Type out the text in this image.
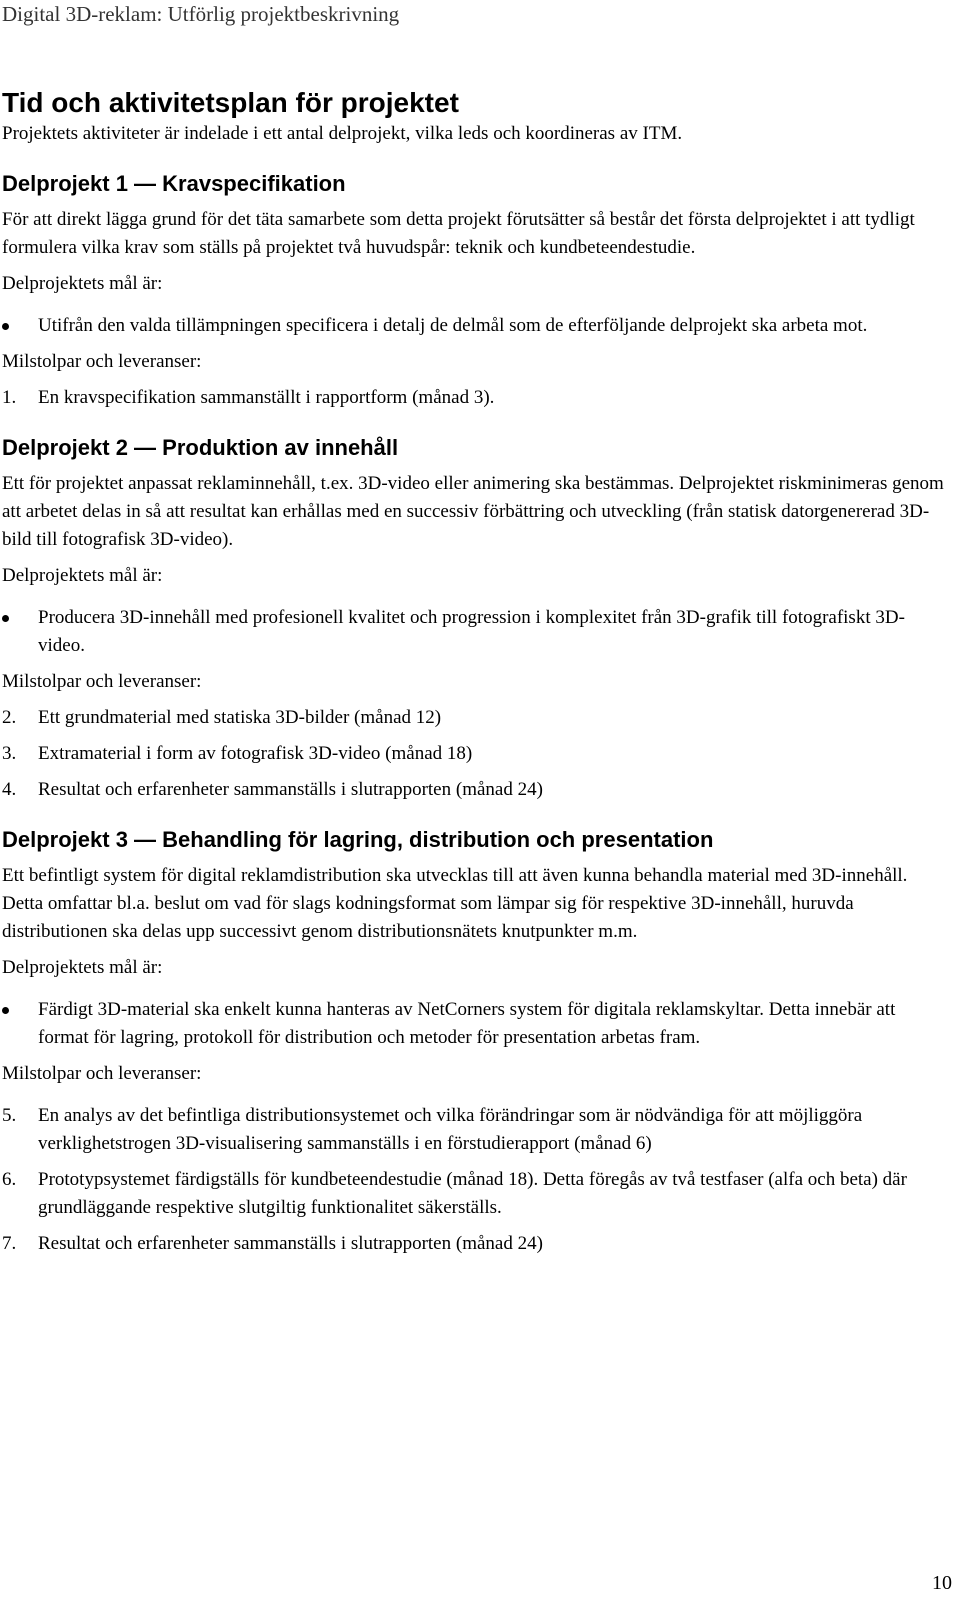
Digital 3D-reklam: Utförlig projektbeskrivning
Tid och aktivitetsplan för projektet

Projektets aktiviteter är indelade i ett antal delprojekt, vilka leds och koordineras av ITM.

Delprojekt 1 — Kravspecifikation

För att direkt lägga grund för det täta samarbete som detta projekt förutsätter så består det första delprojektet i att tydligt formulera vilka krav som ställs på projektet två huvudspår: teknik och kundbeteendestudie.

Delprojektets mål är:

Utifrån den valda tillämpningen specificera i detalj de delmål som de efterföljande delprojekt ska arbeta mot.

Milstolpar och leveranser:

1. En kravspecifikation sammanställt i rapportform (månad 3).
Delprojekt 2 — Produktion av innehåll

Ett för projektet anpassat reklaminnehåll, t.ex. 3D-video eller animering ska bestämmas. Delprojektet riskminimeras genom att arbetet delas in så att resultat kan erhållas med en successiv förbättring och utveckling (från statisk datorgenererad 3D-bild till fotografisk 3D-video).

Delprojektets mål är:

Producera 3D-innehåll med profesionell kvalitet och progression i komplexitet från 3D-grafik till fotografiskt 3D-video.

Milstolpar och leveranser:

2. Ett grundmaterial med statiska 3D-bilder (månad 12)
3. Extramaterial i form av fotografisk 3D-video (månad 18)
4. Resultat och erfarenheter sammanställs i slutrapporten (månad 24)
Delprojekt 3 — Behandling för lagring, distribution och presentation

Ett befintligt system för digital reklamdistribution ska utvecklas till att även kunna behandla material med 3D-innehåll. Detta omfattar bl.a. beslut om vad för slags kodningsformat som lämpar sig för respektive 3D-innehåll, huruvda distributionen ska delas upp successivt genom distributionsnätets knutpunkter m.m.

Delprojektets mål är:

Färdigt 3D-material ska enkelt kunna hanteras av NetCorners system för digitala reklamskyltar. Detta innebär att format för lagring, protokoll för distribution och metoder för presentation arbetas fram.

Milstolpar och leveranser:

5. En analys av det befintliga distributionsystemet och vilka förändringar som är nödvändiga för att möjliggöra verklighetstrogen 3D-visualisering sammanställs i en förstudierapport (månad 6)
6. Prototypsystemet färdigställs för kundbeteendestudie (månad 18). Detta föregås av två testfaser (alfa och beta) där grundläggande respektive slutgiltig funktionalitet säkerställs.
7. Resultat och erfarenheter sammanställs i slutrapporten (månad 24)
10
